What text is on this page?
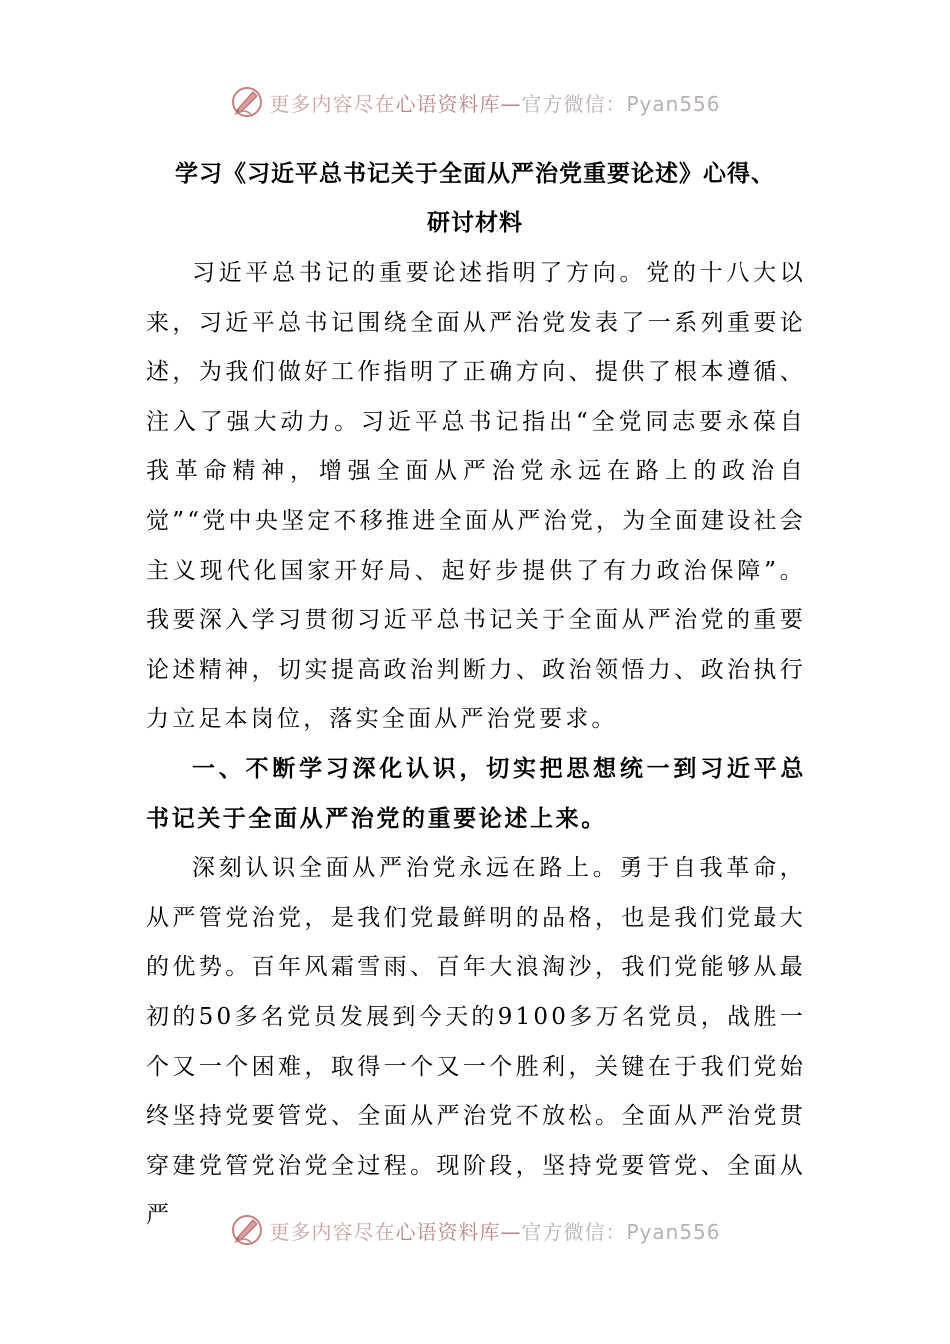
更多内容尽在心语资料库—官方微信：Pyan556
学习《习近平总书记关于全面从严治党重要论述》心得、
研讨材料

习近平总书记的重要论述指明了方向。党的十八大以来，习近平总书记围绕全面从严治党发表了一系列重要论述，为我们做好工作指明了正确方向、提供了根本遵循、注入了强大动力。习近平总书记指出“全党同志要永葆自我革命精神，增强全面从严治党永远在路上的政治自觉”“党中央坚定不移推进全面从严治党，为全面建设社会主义现代化国家开好局、起好步提供了有力政治保障”。我要深入学习贯彻习近平总书记关于全面从严治党的重要论述精神，切实提高政治判断力、政治领悟力、政治执行力立足本岗位，落实全面从严治党要求。

一、不断学习深化认识，切实把思想统一到习近平总书记关于全面从严治党的重要论述上来。

深刻认识全面从严治党永远在路上。勇于自我革命，从严管党治党，是我们党最鲜明的品格，也是我们党最大的优势。百年风霜雪雨、百年大浪淘沙，我们党能够从最初的50多名党员发展到今天的9100多万名党员，战胜一个又一个困难，取得一个又一个胜利，关键在于我们党始终坚持党要管党、全面从严治党不放松。全面从严治党贯穿建党管党治党全过程。现阶段，坚持党要管党、全面从严

更多内容尽在心语资料库—官方微信：Pyan556
